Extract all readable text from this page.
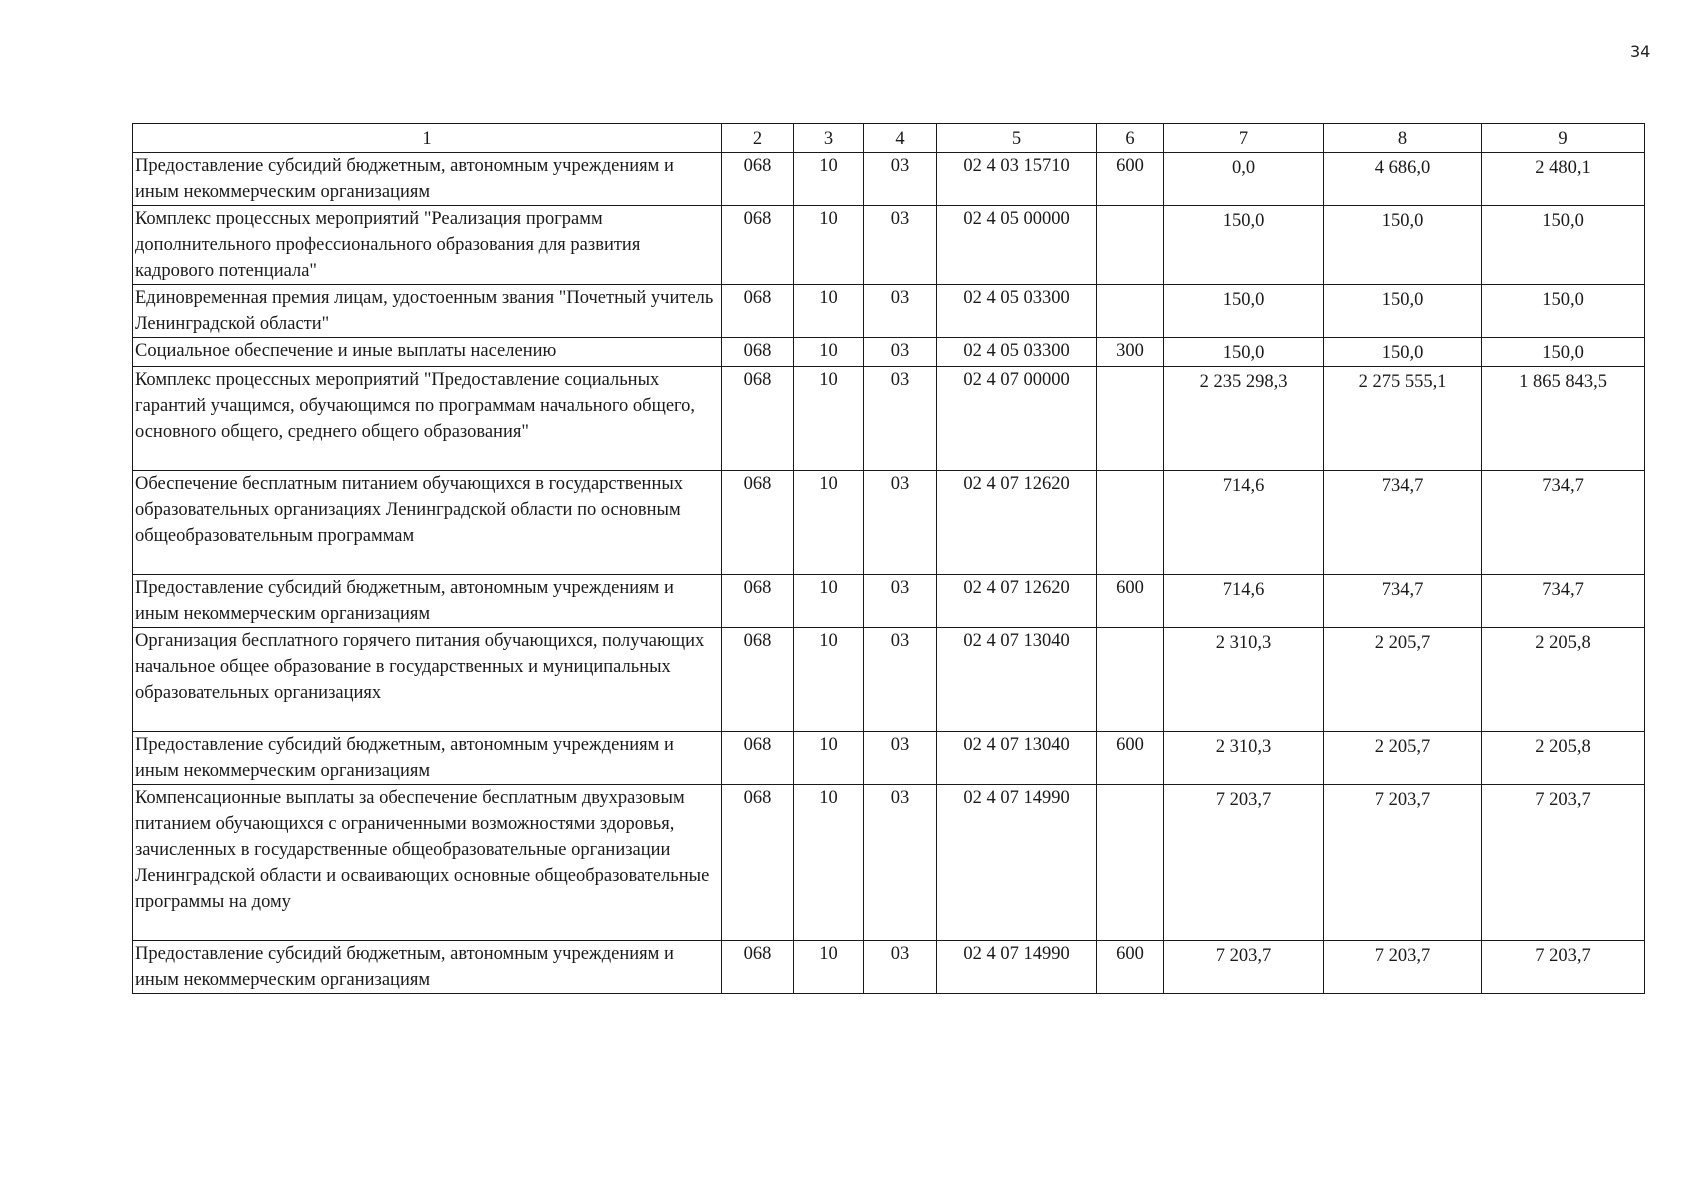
34
1	2	3	4	5	6	7	8	9
Предоставление субсидий бюджетным, автономным учреждениям и иным некоммерческим организациям	068	10	03	02 4 03 15710	600	0,0	4 686,0	2 480,1
Комплекс процессных мероприятий "Реализация программ дополнительного профессионального образования для развития кадрового потенциала"	068	10	03	02 4 05 00000		150,0	150,0	150,0
Единовременная премия лицам, удостоенным звания "Почетный учитель Ленинградской области"	068	10	03	02 4 05 03300		150,0	150,0	150,0
Социальное обеспечение и иные выплаты населению	068	10	03	02 4 05 03300	300	150,0	150,0	150,0
Комплекс процессных мероприятий "Предоставление социальных гарантий учащимся, обучающимся по программам начального общего, основного общего, среднего общего образования"	068	10	03	02 4 07 00000		2 235 298,3	2 275 555,1	1 865 843,5
Обеспечение бесплатным питанием обучающихся в государственных образовательных организациях Ленинградской области по основным общеобразовательным программам	068	10	03	02 4 07 12620		714,6	734,7	734,7
Предоставление субсидий бюджетным, автономным учреждениям и иным некоммерческим организациям	068	10	03	02 4 07 12620	600	714,6	734,7	734,7
Организация бесплатного горячего питания обучающихся, получающих начальное общее образование в государственных и муниципальных образовательных организациях	068	10	03	02 4 07 13040		2 310,3	2 205,7	2 205,8
Предоставление субсидий бюджетным, автономным учреждениям и иным некоммерческим организациям	068	10	03	02 4 07 13040	600	2 310,3	2 205,7	2 205,8
Компенсационные выплаты за обеспечение бесплатным двухразовым питанием обучающихся с ограниченными возможностями здоровья, зачисленных в государственные общеобразовательные организации Ленинградской области и осваивающих основные общеобразовательные программы на дому	068	10	03	02 4 07 14990		7 203,7	7 203,7	7 203,7
Предоставление субсидий бюджетным, автономным учреждениям и иным некоммерческим организациям	068	10	03	02 4 07 14990	600	7 203,7	7 203,7	7 203,7
